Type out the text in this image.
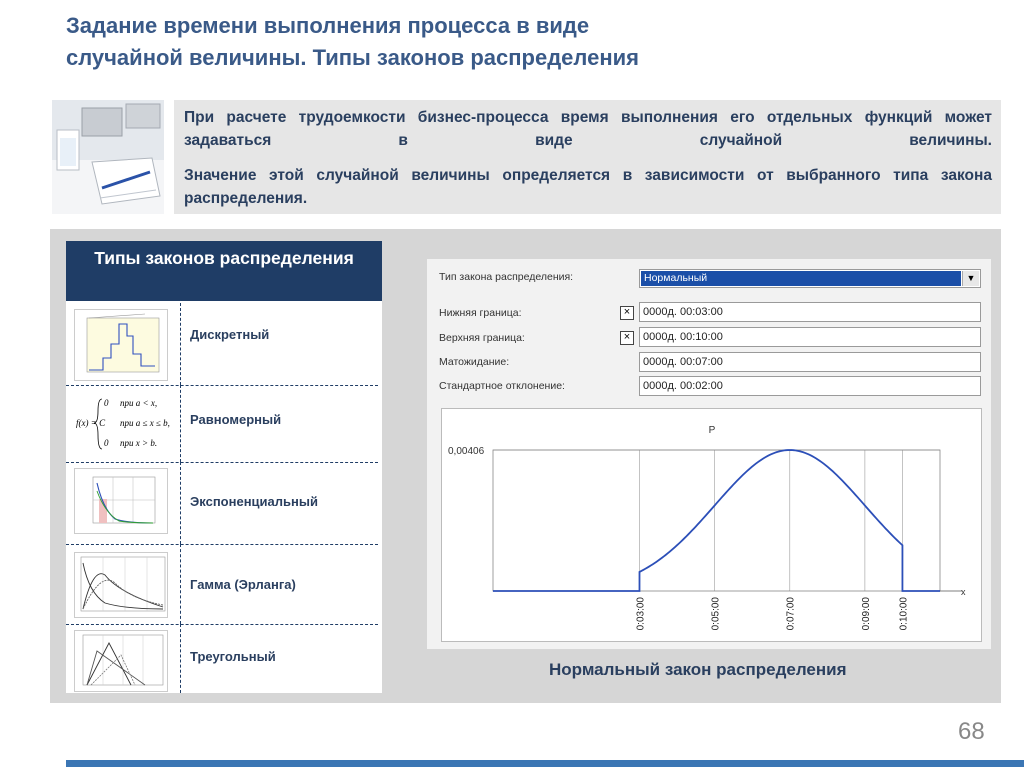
Задание времени выполнения процесса в виде
случайной величины. Типы законов распределения

При расчете трудоемкости бизнес-процесса время выполнения его отдельных функций может задаваться в виде случайной величины.

Значение этой случайной величины определяется в зависимости от выбранного типа закона распределения.

Типы законов распределения
Дискретный
0 при a < x,
f(x) = C при a ≤ x ≤ b,
0 при x > b.
Равномерный
Экспоненциальный
Гамма (Эрланга)
Треугольный
Тип закона распределения:	Нормальный	▼
Нижняя граница:	×	0000д. 00:03:00
Верхняя граница:	×	0000д. 00:10:00
Матожидание:	0000д. 00:07:00
Стандартное отклонение:	0000д. 00:02:00
P
x
0,00406
0:03:00	0:05:00	0:07:00	0:09:00	0:10:00
Нормальный закон распределения
68
